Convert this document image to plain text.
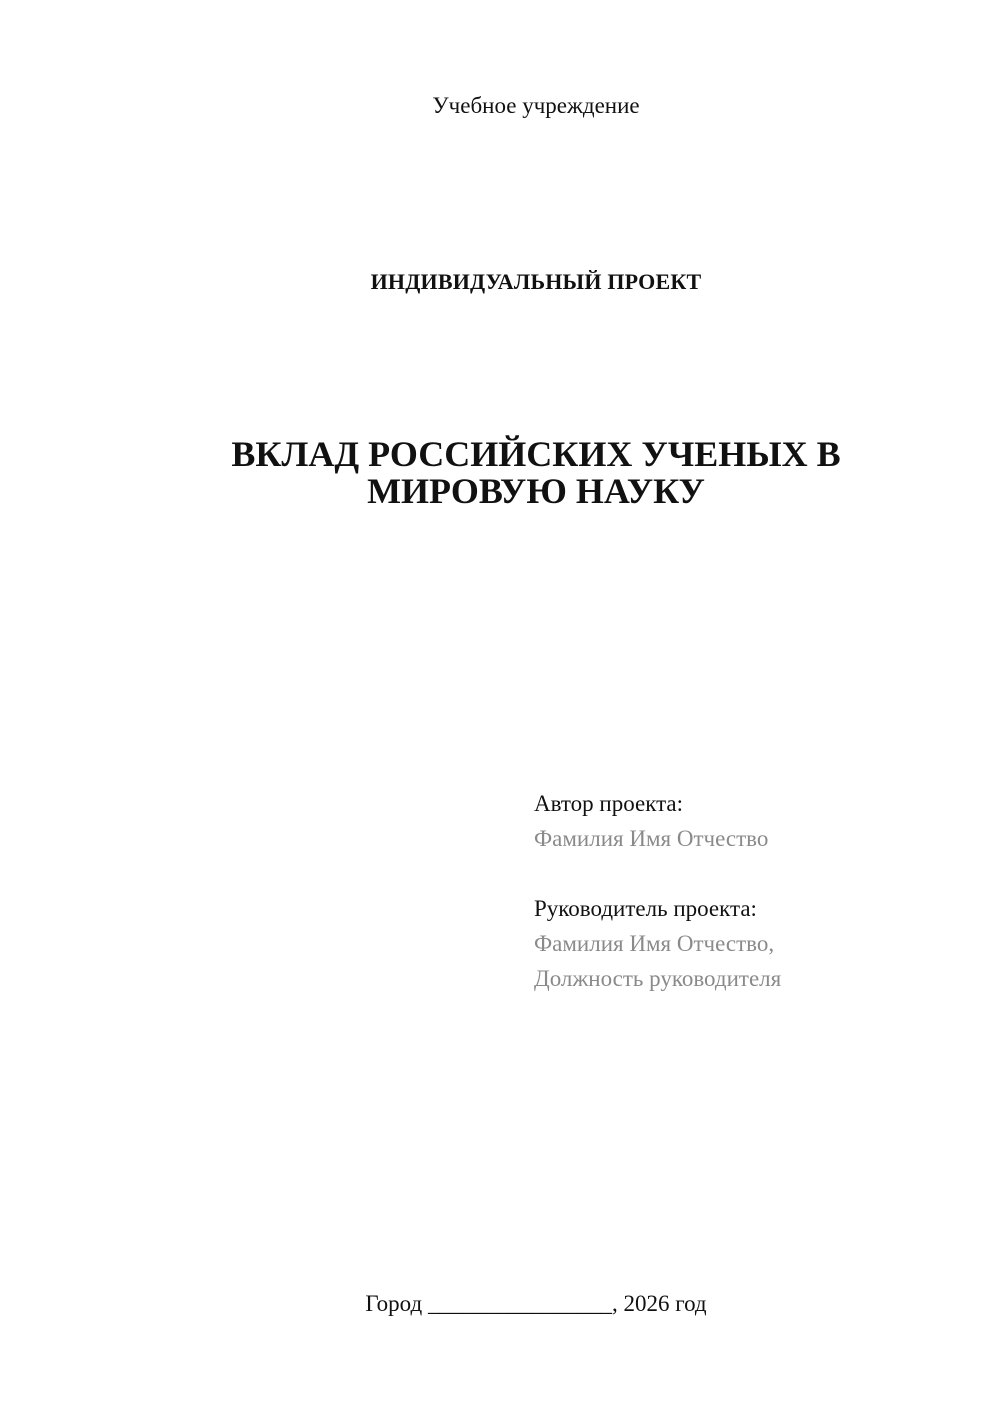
Учебное учреждение
ИНДИВИДУАЛЬНЫЙ ПРОЕКТ
ВКЛАД РОССИЙСКИХ УЧЕНЫХ В
МИРОВУЮ НАУКУ
Автор проекта:
Фамилия Имя Отчество
Руководитель проекта:
Фамилия Имя Отчество,
Должность руководителя
Город ________________, 2026 год
